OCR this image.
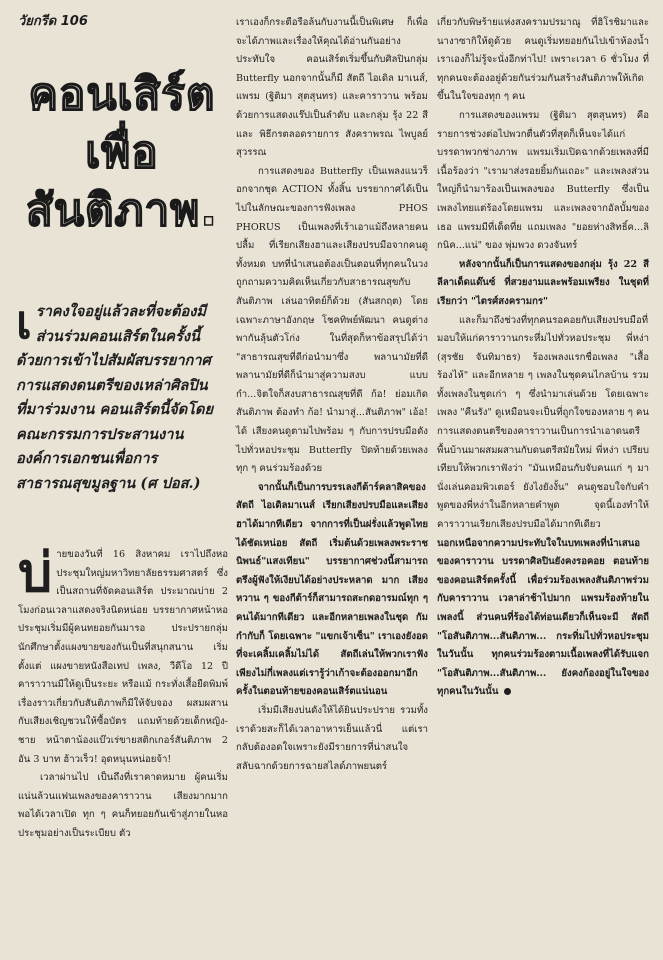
วัยกรีด 106
คอนเสิร์ต
เพื่อ
สันติภาพ.
เ ราคงใจอยู่แล้วละที่จะต้องมีส่วนร่วมคอนเสิร์ตในครั้งนี้ ด้วยการเข้าไปสัมผัสบรรยากาศการแสดงดนตรีของเหล่าศิลปินที่มาร่วมงาน คอนเสิร์ตนี้จัดโดยคณะกรรมการประสานงานองค์การเอกชนเพื่อการสาธารณสุขมูลฐาน (ศ ปอส.)

บ่ายของวันที่ 16 สิงหาคม เราไปถึงหอประชุมใหญ่มหาวิทยาลัยธรรมศาสตร์ ซึ่งเป็นสถานที่จัดคอนเสิร์ต ประมาณบ่าย 2 โมงก่อนเวลาแสดงจริงนิดหน่อย บรรยากาศหน้าหอประชุมเริ่มมีผู้คนทยอยกันมารอ ประปรายกลุ่มนักศึกษาตั้งแผงขายของกันเป็นที่สนุกสนาน เริ่มตั้งแต่ แผงขายหนังสือเทป เพลง, วีดีโอ 12 ปี คาราวานมีให้ดูเป็นระยะ หรือแม้ กระทั่งเสื้อยืดพิมพ์เรื่องราวเกี่ยวกับสันติภาพก็มีให้จับจอง ผสมผสานกับเสียงเชิญชวนให้ซื้อบัตร แถมท้ายด้วยเด็กหญิง-ชาย หน้าตาน้องแบ๊วเร่ขายสติกเกอร์สันติภาพ 2 อัน 3 บาท ฮ้าวเร็ว! อุดหนุนหน่อยจ้า!

เวลาผ่านไป เป็นถึงที่เราคาดหมาย ผู้คนเริ่มแน่นล้วนแฟนเพลงของคาราวาน เสียงมากมาก พอได้เวลาเปิด ทุก ๆ คนก็ทยอยกันเข้าสู่ภายในหอประชุมอย่างเป็นระเบียบ ตัว

เราเองก็กระตือรือล้นกับงานนี้เป็นพิเศษ ก็เพื่อจะได้ภาพและเรื่องให้คุณได้อ่านกันอย่างประทับใจ คอนเสิร์ตเริ่มขึ้นกับศิลปินกลุ่ม Butterfly นอกจากนั้นก็มี สัตถี ไอเดิล มาเนส์, แพรม (ฐิติมา สุตสุนทร) และคาราวาน พร้อมด้วยการแสดงแร๊ปเป็นลำดับ และกลุ่ม รุ้ง 22 สี และ พิธีกรตลอดรายการ สังคราพรณ ไพบูลย์สุวรรณ

การแสดงของ Butterfly เป็นเพลงแนวร็อกจากชุด ACTION ทั้งสิ้น บรรยากาศได้เป็นไปในลักษณะของการฟังเพลง PHOS PHORUS เป็นเพลงที่เร้าเอาแม้ถึงหลายคนปลื้ม ที่เรียกเสียงฮาและเสียงปรบมือจากคนดูทั้งหมด บทที่นำเสนอต้องเป็นตอนที่ทุกคนในวงถูกถามความคิดเห็นเกี่ยวกับสาธารณสุขกับสันติภาพ เล่นอาทิตย์ก็ด้วย (สันสกฤต) โดยเฉพาะภาษาอังกฤษ โชคทิพย์พัฒนา คนดูต่างพากันลุ้นตัวโก่ง ในที่สุดก็หาข้อสรุปได้ว่า "สาธารณสุขที่ดีก่อนำมาซึ่ง พลานามัยที่ดี พลานามัยที่ดีก็นำมาสู่ความสงบ แบบกำ...จิตใจก็สงบสาธารณสุขที่ดี ก้อ! ย่อมเกิดสันติภาพ ต้องทำ ก้อ! นำมาสู่...สันติภาพ" เอ้อ! ได้ เสียงคนดูตามไปพร้อม ๆ กับการปรบมือดังไปทั่วหอประชุม Butterfly ปิดท้ายด้วยเพลง ทุก ๆ คนร่วมร้องด้วย

จากนั้นก็เป็นการบรรเลงกีต้าร์คลาสิคของสัตถี ไอเดิลมาเนส์ เรียกเสียงปรบมือและเสียงฮาได้มากทีเดียว จากการที่เป็นฝรั่งแล้วพูดไทยได้ชัดเหน่อย สัตถี เริ่มต้นด้วยเพลงพระราชนิพนธ์"แสงเทียน" บรรยากาศช่วงนี้สามารถตรึงผู้ฟังให้เงียบได้อย่างประหลาด มาก เสียงหวาน ๆ ของกีต้าร์ก็สามารถสะกดอารมณ์ทุก ๆ คนได้มากทีเดียว และอีกหลายเพลงในชุด กัมกำกับก็ โดยเฉพาะ "แขกเจ้าเซ็น" เราเองยังอดที่จะเคลิ้มเคลิ้มไม่ได้ สัตถีเล่นให้พวกเราฟังเพียงไม่กี่เพลงแต่เรารู้ว่าเก้าจะต้องออกมาอีกครั้งในตอนท้ายของคอนเสิร์ตแน่นอน

เริ่มมีเสียงบ่นดังให้ได้ยินประปราย รวมทั้งเราด้วยสะก็ได้เวลาอาหารเย็นแล้วนี่ แต่เรากลับต้องอดใจเพราะยังมีรายการที่น่าสนใจ สลับฉากด้วยการฉายสไลด์ภาพยนตร์

เกี่ยวกับพิษร้ายแห่งสงครามปรมาณู ที่ฮิโรชิมาและนางาซากิให้ดูด้วย คนดูเริ่มทยอยกันไปเข้าห้องน้ำเราเองก็ไม่รู้จะนั่งอีกท่าไป! เพราะเวลา 6 ชั่วโมง ที่ทุกคนจะต้องอยู่ด้วยกันร่วมกันสร้างสันติภาพให้เกิดขึ้นในใจของทุก ๆ คน

การแสดงของแพรม (ฐิติมา สุตสุนทร) คือรายการช่วงต่อไปพวกตื่นตัวที่สุดก็เห็นจะได้แก่บรรดาพวกช่างภาพ แพรมเริ่มเปิดฉากด้วยเพลงที่มีเนื้อร้องว่า "เรามาส่งรอยยิ้มกันเถอะ" และเพลงส่วนใหญ่ก็นำมาร้องเป็นเพลงของ Butterfly ซึ่งเป็นเพลงไทยแต่ร้องโดยแพรม และเพลงจากอัลบั้มของเธอ แพรมมีที่เด็ดที่ย แถมเพลง "ยอยห่างสิทธิ์ค...ลิกนิค...แน่" ของ พุ่มพวง ดวงจันทร์

หลังจากนั้นก็เป็นการแสดงของกลุ่ม รุ้ง 22 สี ลีลาเด็ดแด๊นซ์ ที่สวยงามและพร้อมเพรียง ในชุดที่เรียกว่า "ไตรศ์สงครามกร"

และก็มาถึงช่วงที่ทุกคนรอคอยกับเสียงปรบมือที่มอบให้แก่คาราวานกระหึ่มไปทั่วหอประชุม พี่หง่า (สุรชัย จันทิมาธร) ร้องเพลงแรกชื่อเพลง "เสื้อร้องไห้" และอีกหลาย ๆ เพลงในชุดคนไกลบ้าน รวมทั้งเพลงในชุดเก่า ๆ ซึ่งนำมาเล่นด้วย โดยเฉพาะเพลง "คืนรัง" ดูเหมือนจะเป็นที่ถูกใจของหลาย ๆ คน การแสดงดนตรีของคาราวานเป็นการนำเอาดนตรีพื้นบ้านมาผสมผสานกับดนตรีสมัยใหม่ พี่หง่า เปรียบเทียบให้พวกเราฟังว่า "มันเหมือนกับจับคนแก่ ๆ มานั่งเล่นคอมพิวเตอร์ ยังไงยังงั้น" คนดูชอบใจกับคำพูดของพี่หง่าในอีกหลายคำพูด จุดนี้เองทำให้คาราวานเรียกเสียงปรบมือได้มากทีเดียว

นอกเหนือจากความประทับใจในบทเพลงที่นำเสนอของคาราวาน บรรดาศิลปินยังคงรอคอย ตอนท้ายของคอนเสิร์ตครั้งนี้ เพื่อร่วมร้องเพลงสันติภาพร่วมกับคาราวาน เวลาล่าช้าไปมาก แพรมร้องท้ายในเพลงนี้ ส่วนคนที่ร้องได้ท่อนเดียวก็เห็นจะมี สัตถี "โอสันติภาพ...สันติภาพ... กระทิ่มไปทั่วหอประชุมในวันนั้น ทุกคนร่วมร้องตามเนื้อเพลงที่ได้รับแจก "โอสันติภาพ...สันติภาพ... ยังคงก้องอยู่ในใจของทุกคนในวันนั้น
